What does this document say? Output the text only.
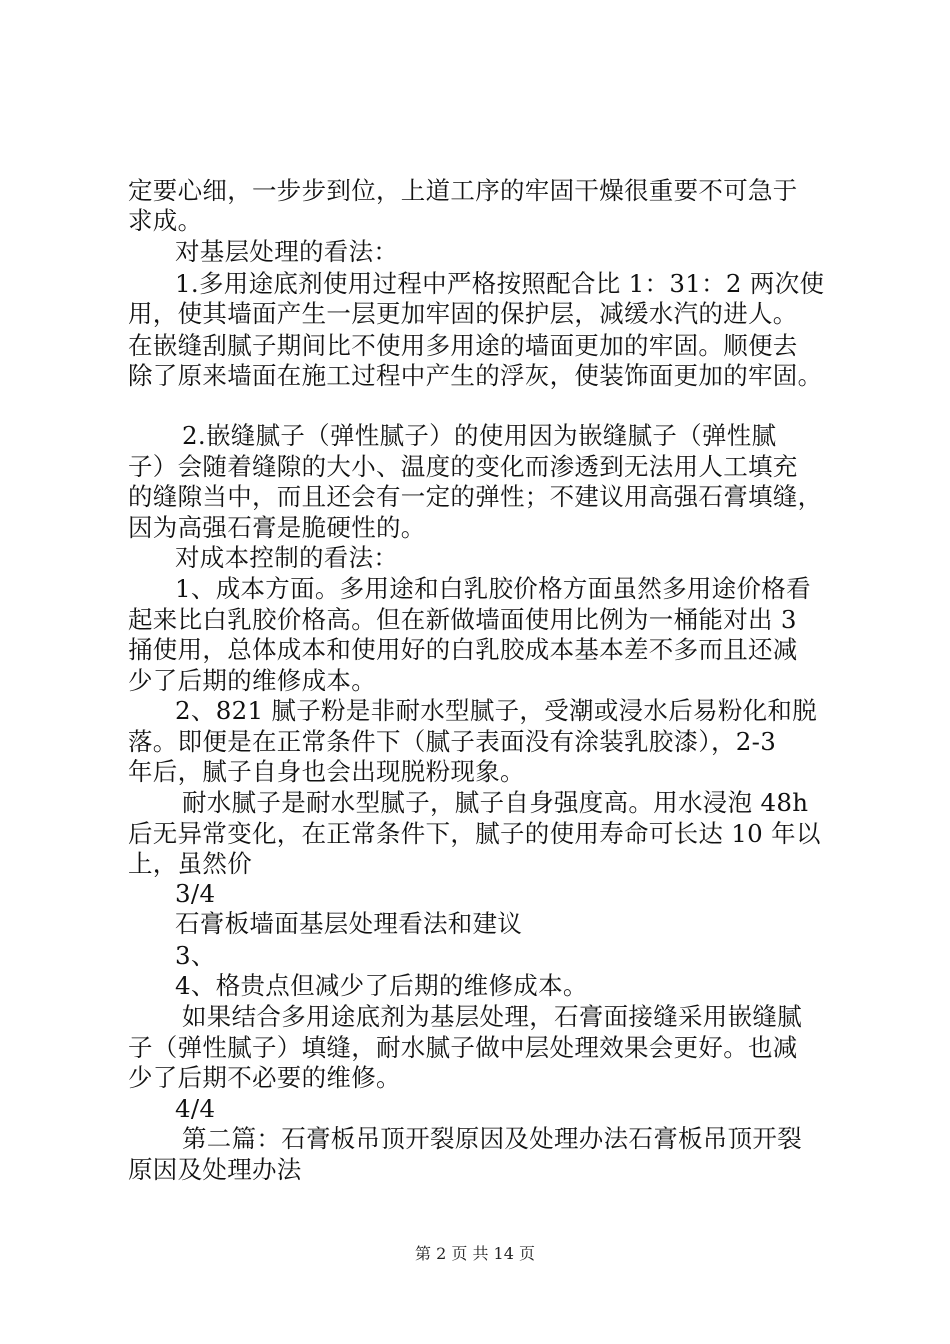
定要心细，一步步到位，上道工序的牢固干燥很重要不可急于
求成。
对基层处理的看法：
1.多用途底剂使用过程中严格按照配合比 1：31：2 两次使
用，使其墙面产生一层更加牢固的保护层，减缓水汽的进人。
在嵌缝刮腻子期间比不使用多用途的墙面更加的牢固。顺便去
除了原来墙面在施工过程中产生的浮灰，使装饰面更加的牢固。
2.嵌缝腻子（弹性腻子）的使用因为嵌缝腻子（弹性腻
子）会随着缝隙的大小、温度的变化而渗透到无法用人工填充
的缝隙当中，而且还会有一定的弹性；不建议用高强石膏填缝，
因为高强石膏是脆硬性的。
对成本控制的看法：
1、成本方面。多用途和白乳胶价格方面虽然多用途价格看
起来比白乳胶价格高。但在新做墙面使用比例为一桶能对出 3
捅使用，总体成本和使用好的白乳胶成本基本差不多而且还减
少了后期的维修成本。
2、821 腻子粉是非耐水型腻子，受潮或浸水后易粉化和脱
落。即便是在正常条件下（腻子表面没有涂装乳胶漆），2-3
年后，腻子自身也会出现脱粉现象。
耐水腻子是耐水型腻子，腻子自身强度高。用水浸泡 48h
后无异常变化，在正常条件下，腻子的使用寿命可长达 10 年以
上，虽然价
3/4
石膏板墙面基层处理看法和建议
3、
4、格贵点但减少了后期的维修成本。
如果结合多用途底剂为基层处理，石膏面接缝采用嵌缝腻
子（弹性腻子）填缝，耐水腻子做中层处理效果会更好。也减
少了后期不必要的维修。
4/4
第二篇：石膏板吊顶开裂原因及处理办法石膏板吊顶开裂
原因及处理办法
第 2 页 共 14 页
